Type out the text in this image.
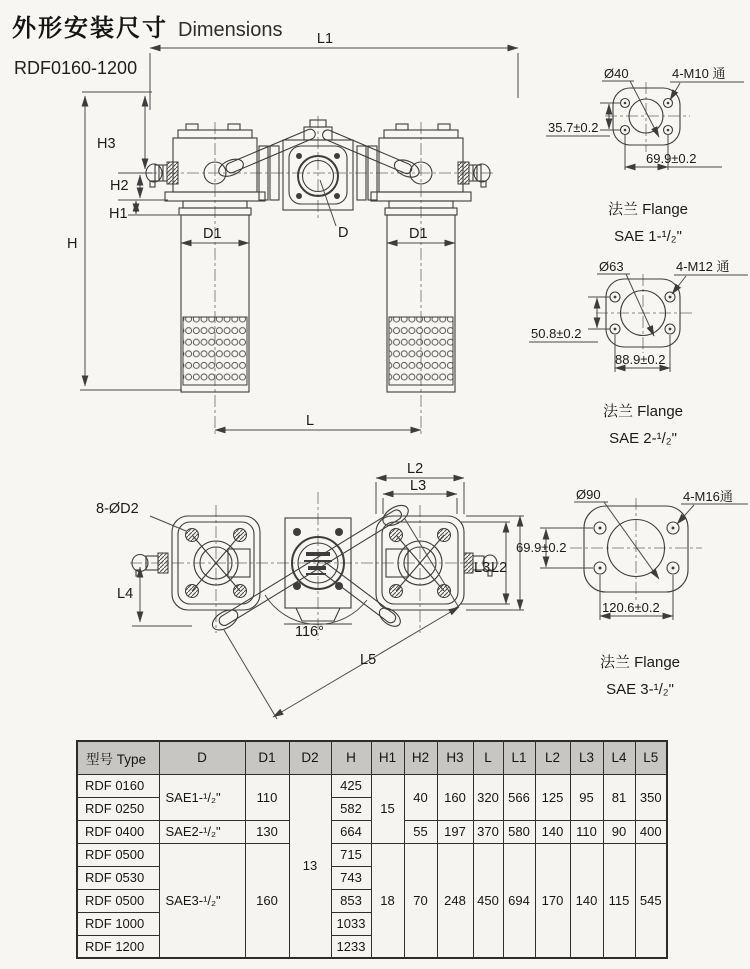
外形安装尺寸 Dimensions
RDF0160-1200
L1
H
H3
H2
H1
D1	D1
D
L
116°
8-ØD2
L2
L3
L3 L2
L4
L5
Ø40	4-M10 通
35.7±0.2
69.9±0.2
法兰 Flange
SAE 1-¹/₂"
Ø63	4-M12 通
50.8±0.2
88.9±0.2
法兰 Flange
SAE 2-¹/₂"
Ø90	4-M16通
69.9±0.2
120.6±0.2
法兰 Flange
SAE 3-¹/₂"
型号 Type	D	D1	D2	H	H1	H2	H3	L	L1	L2	L3	L4	L5
RDF 0160	SAE1-¹/₂"	110	13	425	15	40	160	320	566	125	95	81	350
RDF 0250				582									
RDF 0400	SAE2-¹/₂"	130		664		55	197	370	580	140	110	90	400
RDF 0500	SAE3-¹/₂"	160		715	18	70	248	450	694	170	140	115	545
RDF 0530				743									
RDF 0500				853									
RDF 1000				1033									
RDF 1200				1233									
